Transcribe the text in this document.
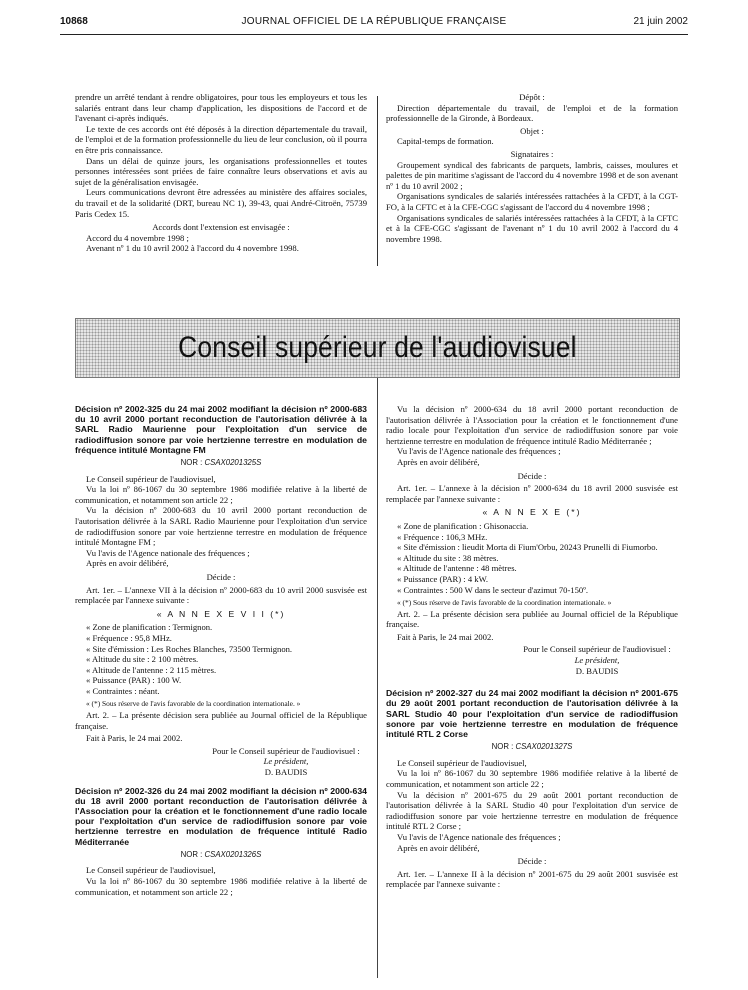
10868	JOURNAL OFFICIEL DE LA RÉPUBLIQUE FRANÇAISE	21 juin 2002

prendre un arrêté tendant à rendre obligatoires, pour tous les employeurs et tous les salariés entrant dans leur champ d'application, les dispositions de l'accord et de l'avenant ci-après indiqués.

Le texte de ces accords ont été déposés à la direction départementale du travail, de l'emploi et de la formation professionnelle du lieu de leur conclusion, où il pourra en être pris connaissance.

Dans un délai de quinze jours, les organisations professionnelles et toutes personnes intéressées sont priées de faire connaître leurs observations et avis au sujet de la généralisation envisagée.

Leurs communications devront être adressées au ministère des affaires sociales, du travail et de la solidarité (DRT, bureau NC 1), 39-43, quai André-Citroën, 75739 Paris Cedex 15.

Accords dont l'extension est envisagée :

Accord du 4 novembre 1998 ;

Avenant nº 1 du 10 avril 2002 à l'accord du 4 novembre 1998.

Dépôt :

Direction départementale du travail, de l'emploi et de la formation professionnelle de la Gironde, à Bordeaux.

Objet :

Capital-temps de formation.

Signataires :

Groupement syndical des fabricants de parquets, lambris, caisses, moulures et palettes de pin maritime s'agissant de l'accord du 4 novembre 1998 et de son avenant nº 1 du 10 avril 2002 ;

Organisations syndicales de salariés intéressées rattachées à la CFDT, à la CGT-FO, à la CFTC et à la CFE-CGC s'agissant de l'accord du 4 novembre 1998 ;

Organisations syndicales de salariés intéressées rattachées à la CFDT, à la CFTC et à la CFE-CGC s'agissant de l'avenant nº 1 du 10 avril 2002 à l'accord du 4 novembre 1998.

Conseil supérieur de l'audiovisuel

Décision nº 2002-325 du 24 mai 2002 modifiant la décision nº 2000-683 du 10 avril 2000 portant reconduction de l'autorisation délivrée à la SARL Radio Maurienne pour l'exploitation d'un service de radiodiffusion sonore par voie hertzienne terrestre en modulation de fréquence intitulé Montagne FM

NOR : CSAX0201325S

Le Conseil supérieur de l'audiovisuel,

Vu la loi nº 86-1067 du 30 septembre 1986 modifiée relative à la liberté de communication, et notamment son article 22 ;

Vu la décision nº 2000-683 du 10 avril 2000 portant reconduction de l'autorisation délivrée à la SARL Radio Maurienne pour l'exploitation d'un service de radiodiffusion sonore par voie hertzienne terrestre en modulation de fréquence intitulé Montagne FM ;

Vu l'avis de l'Agence nationale des fréquences ;

Après en avoir délibéré,

Décide :

Art. 1er. – L'annexe VII à la décision nº 2000-683 du 10 avril 2000 susvisée est remplacée par l'annexe suivante :

« A N N E X E V I I (*)

« Zone de planification : Termignon.

« Fréquence : 95,8 MHz.

« Site d'émission : Les Roches Blanches, 73500 Termignon.

« Altitude du site : 2 100 mètres.

« Altitude de l'antenne : 2 115 mètres.

« Puissance (PAR) : 100 W.

« Contraintes : néant.

« (*) Sous réserve de l'avis favorable de la coordination internationale. »

Art. 2. – La présente décision sera publiée au Journal officiel de la République française.

Fait à Paris, le 24 mai 2002.

Pour le Conseil supérieur de l'audiovisuel :

Le président,

D. BAUDIS

Décision nº 2002-326 du 24 mai 2002 modifiant la décision nº 2000-634 du 18 avril 2000 portant reconduction de l'autorisation délivrée à l'Association pour la création et le fonctionnement d'une radio locale pour l'exploitation d'un service de radiodiffusion sonore par voie hertzienne terrestre en modulation de fréquence intitulé Radio Méditerranée

NOR : CSAX0201326S

Le Conseil supérieur de l'audiovisuel,

Vu la loi nº 86-1067 du 30 septembre 1986 modifiée relative à la liberté de communication, et notamment son article 22 ;

Vu la décision nº 2000-634 du 18 avril 2000 portant reconduction de l'autorisation délivrée à l'Association pour la création et le fonctionnement d'une radio locale pour l'exploitation d'un service de radiodiffusion sonore par voie hertzienne terrestre en modulation de fréquence intitulé Radio Méditerranée ;

Vu l'avis de l'Agence nationale des fréquences ;

Après en avoir délibéré,

Décide :

Art. 1er. – L'annexe à la décision nº 2000-634 du 18 avril 2000 susvisée est remplacée par l'annexe suivante :

« A N N E X E (*)

« Zone de planification : Ghisonaccia.

« Fréquence : 106,3 MHz.

« Site d'émission : lieudit Morta di Fium'Orbu, 20243 Prunelli di Fiumorbo.

« Altitude du site : 38 mètres.

« Altitude de l'antenne : 48 mètres.

« Puissance (PAR) : 4 kW.

« Contraintes : 500 W dans le secteur d'azimut 70-150º.

« (*) Sous réserve de l'avis favorable de la coordination internationale. »

Art. 2. – La présente décision sera publiée au Journal officiel de la République française.

Fait à Paris, le 24 mai 2002.

Pour le Conseil supérieur de l'audiovisuel :

Le président,

D. BAUDIS

Décision nº 2002-327 du 24 mai 2002 modifiant la décision nº 2001-675 du 29 août 2001 portant reconduction de l'autorisation délivrée à la SARL Studio 40 pour l'exploitation d'un service de radiodiffusion sonore par voie hertzienne terrestre en modulation de fréquence intitulé RTL 2 Corse

NOR : CSAX0201327S

Le Conseil supérieur de l'audiovisuel,

Vu la loi nº 86-1067 du 30 septembre 1986 modifiée relative à la liberté de communication, et notamment son article 22 ;

Vu la décision nº 2001-675 du 29 août 2001 portant reconduction de l'autorisation délivrée à la SARL Studio 40 pour l'exploitation d'un service de radiodiffusion sonore par voie hertzienne terrestre en modulation de fréquence intitulé RTL 2 Corse ;

Vu l'avis de l'Agence nationale des fréquences ;

Après en avoir délibéré,

Décide :

Art. 1er. – L'annexe II à la décision nº 2001-675 du 29 août 2001 susvisée est remplacée par l'annexe suivante :
